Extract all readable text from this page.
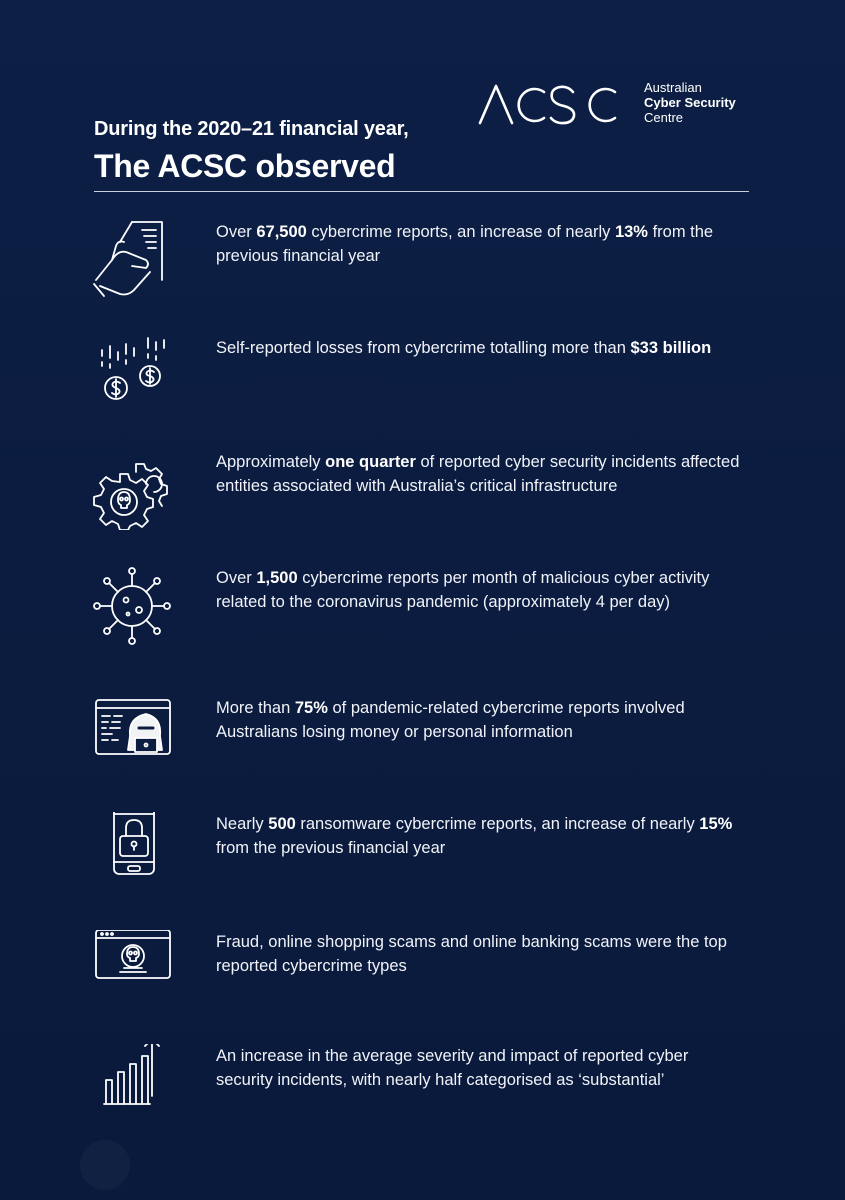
Australian
Cyber Security
Centre
During the 2020–21 financial year,
The ACSC observed
Over 67,500 cybercrime reports, an increase of nearly 13% from the previous financial year
Self-reported losses from cybercrime totalling more than $33 billion
Approximately one quarter of reported cyber security incidents affected entities associated with Australia’s critical infrastructure
Over 1,500 cybercrime reports per month of malicious cyber activity related to the coronavirus pandemic (approximately 4 per day)
More than 75% of pandemic-related cybercrime reports involved Australians losing money or personal information
Nearly 500 ransomware cybercrime reports, an increase of nearly 15% from the previous financial year
Fraud, online shopping scams and online banking scams were the top reported cybercrime types
An increase in the average severity and impact of reported cyber security incidents, with nearly half categorised as ‘substantial’
